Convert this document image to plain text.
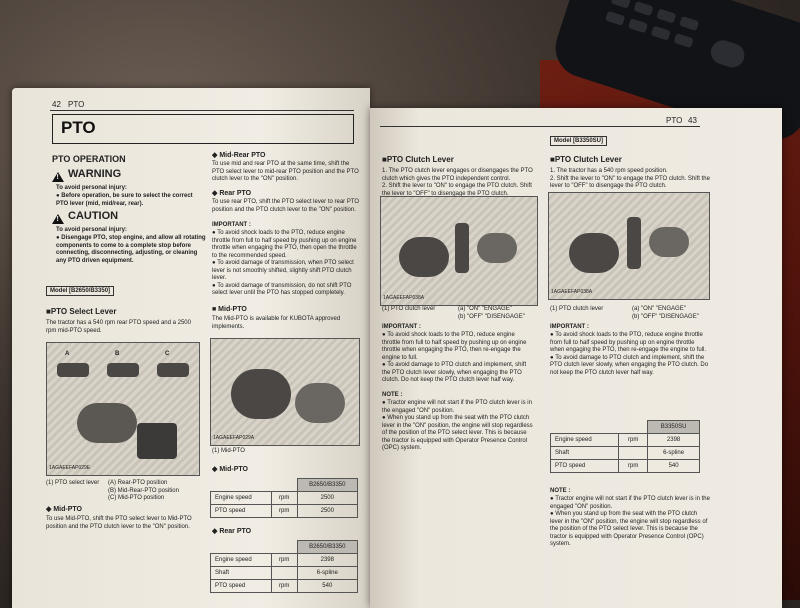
42 PTO
PTO
PTO OPERATION
!
WARNING
To avoid personal injury:
● Before operation, be sure to select the correct PTO lever (mid, mid/rear, rear).
!
CAUTION
To avoid personal injury:
● Disengage PTO, stop engine, and allow all rotating components to come to a complete stop before connecting, disconnecting, adjusting, or cleaning any PTO driven equipment.
Model [B2650/B3350]
■PTO Select Lever
The tractor has a 540 rpm rear PTO speed and a 2500 rpm mid-PTO speed.
A	B	C
1AGAEEFAP029E
(1) PTO select lever (A) Rear-PTO position
(B) Mid-Rear-PTO position
(C) Mid-PTO position
◆ Mid-PTO
To use Mid-PTO, shift the PTO select lever to Mid-PTO position and the PTO clutch lever to the "ON" position.
◆ Mid-Rear PTO
To use mid and rear PTO at the same time, shift the PTO select lever to mid-rear PTO position and the PTO clutch lever to the "ON" position.
◆ Rear PTO
To use rear PTO, shift the PTO select lever to rear PTO position and the PTO clutch lever to the "ON" position.
IMPORTANT :
● To avoid shock loads to the PTO, reduce engine throttle from full to half speed by pushing up on engine throttle when engaging the PTO, then open the throttle to the recommended speed.
● To avoid damage of transmission, when PTO select lever is not smoothly shifted, slightly shift PTO clutch lever.
● To avoid damage of transmission, do not shift PTO select lever until the PTO has stopped completely.
■ Mid-PTO
The Mid-PTO is available for KUBOTA approved implements.
1AGAEEFAP029A
(1) Mid-PTO
◆ Mid-PTO
		B2650/B3350
Engine speed	rpm	2500
PTO speed	rpm	2500
◆ Rear PTO
		B2650/B3350
Engine speed	rpm	2398
Shaft		6-spline
PTO speed	rpm	540
PTO 43
■PTO Clutch Lever
1. The PTO clutch lever engages or disengages the PTO clutch which gives the PTO independent control.
2. Shift the lever to "ON" to engage the PTO clutch. Shift the lever to "OFF" to disengage the PTO clutch.
1AGAEEFAP038A
(1) PTO clutch lever	(a) "ON" "ENGAGE"
(b) "OFF" "DISENGAGE"
IMPORTANT :
● To avoid shock loads to the PTO, reduce engine throttle from full to half speed by pushing up on engine throttle when engaging the PTO, then re-engage the engine to full.
● To avoid damage to PTO clutch and implement, shift the PTO clutch lever slowly, when engaging the PTO clutch. Do not keep the PTO clutch lever half way.
NOTE :
● Tractor engine will not start if the PTO clutch lever is in the engaged "ON" position.
● When you stand up from the seat with the PTO clutch lever in the "ON" position, the engine will stop regardless of the position of the PTO select lever. This is because the tractor is equipped with Operator Presence Control (OPC) system.
Model [B3350SU]
■PTO Clutch Lever
1. The tractor has a 540 rpm speed position.
2. Shift the lever to "ON" to engage the PTO clutch. Shift the lever to "OFF" to disengage the PTO clutch.
1AGAEEFAP038A
(1) PTO clutch lever	(a) "ON" "ENGAGE"
(b) "OFF" "DISENGAGE"
IMPORTANT :
● To avoid shock loads to the PTO, reduce engine throttle from full to half speed by pushing up on engine throttle when engaging the PTO, then re-engage the engine to full.
● To avoid damage to PTO clutch and implement, shift the PTO clutch lever slowly, when engaging the PTO clutch. Do not keep the PTO clutch lever half way.
		B3350SU
Engine speed	rpm	2398
Shaft		6-spline
PTO speed	rpm	540
NOTE :
● Tractor engine will not start if the PTO clutch lever is in the engaged "ON" position.
● When you stand up from the seat with the PTO clutch lever in the "ON" position, the engine will stop regardless of the position of the PTO select lever. This is because the tractor is equipped with Operator Presence Control (OPC) system.
